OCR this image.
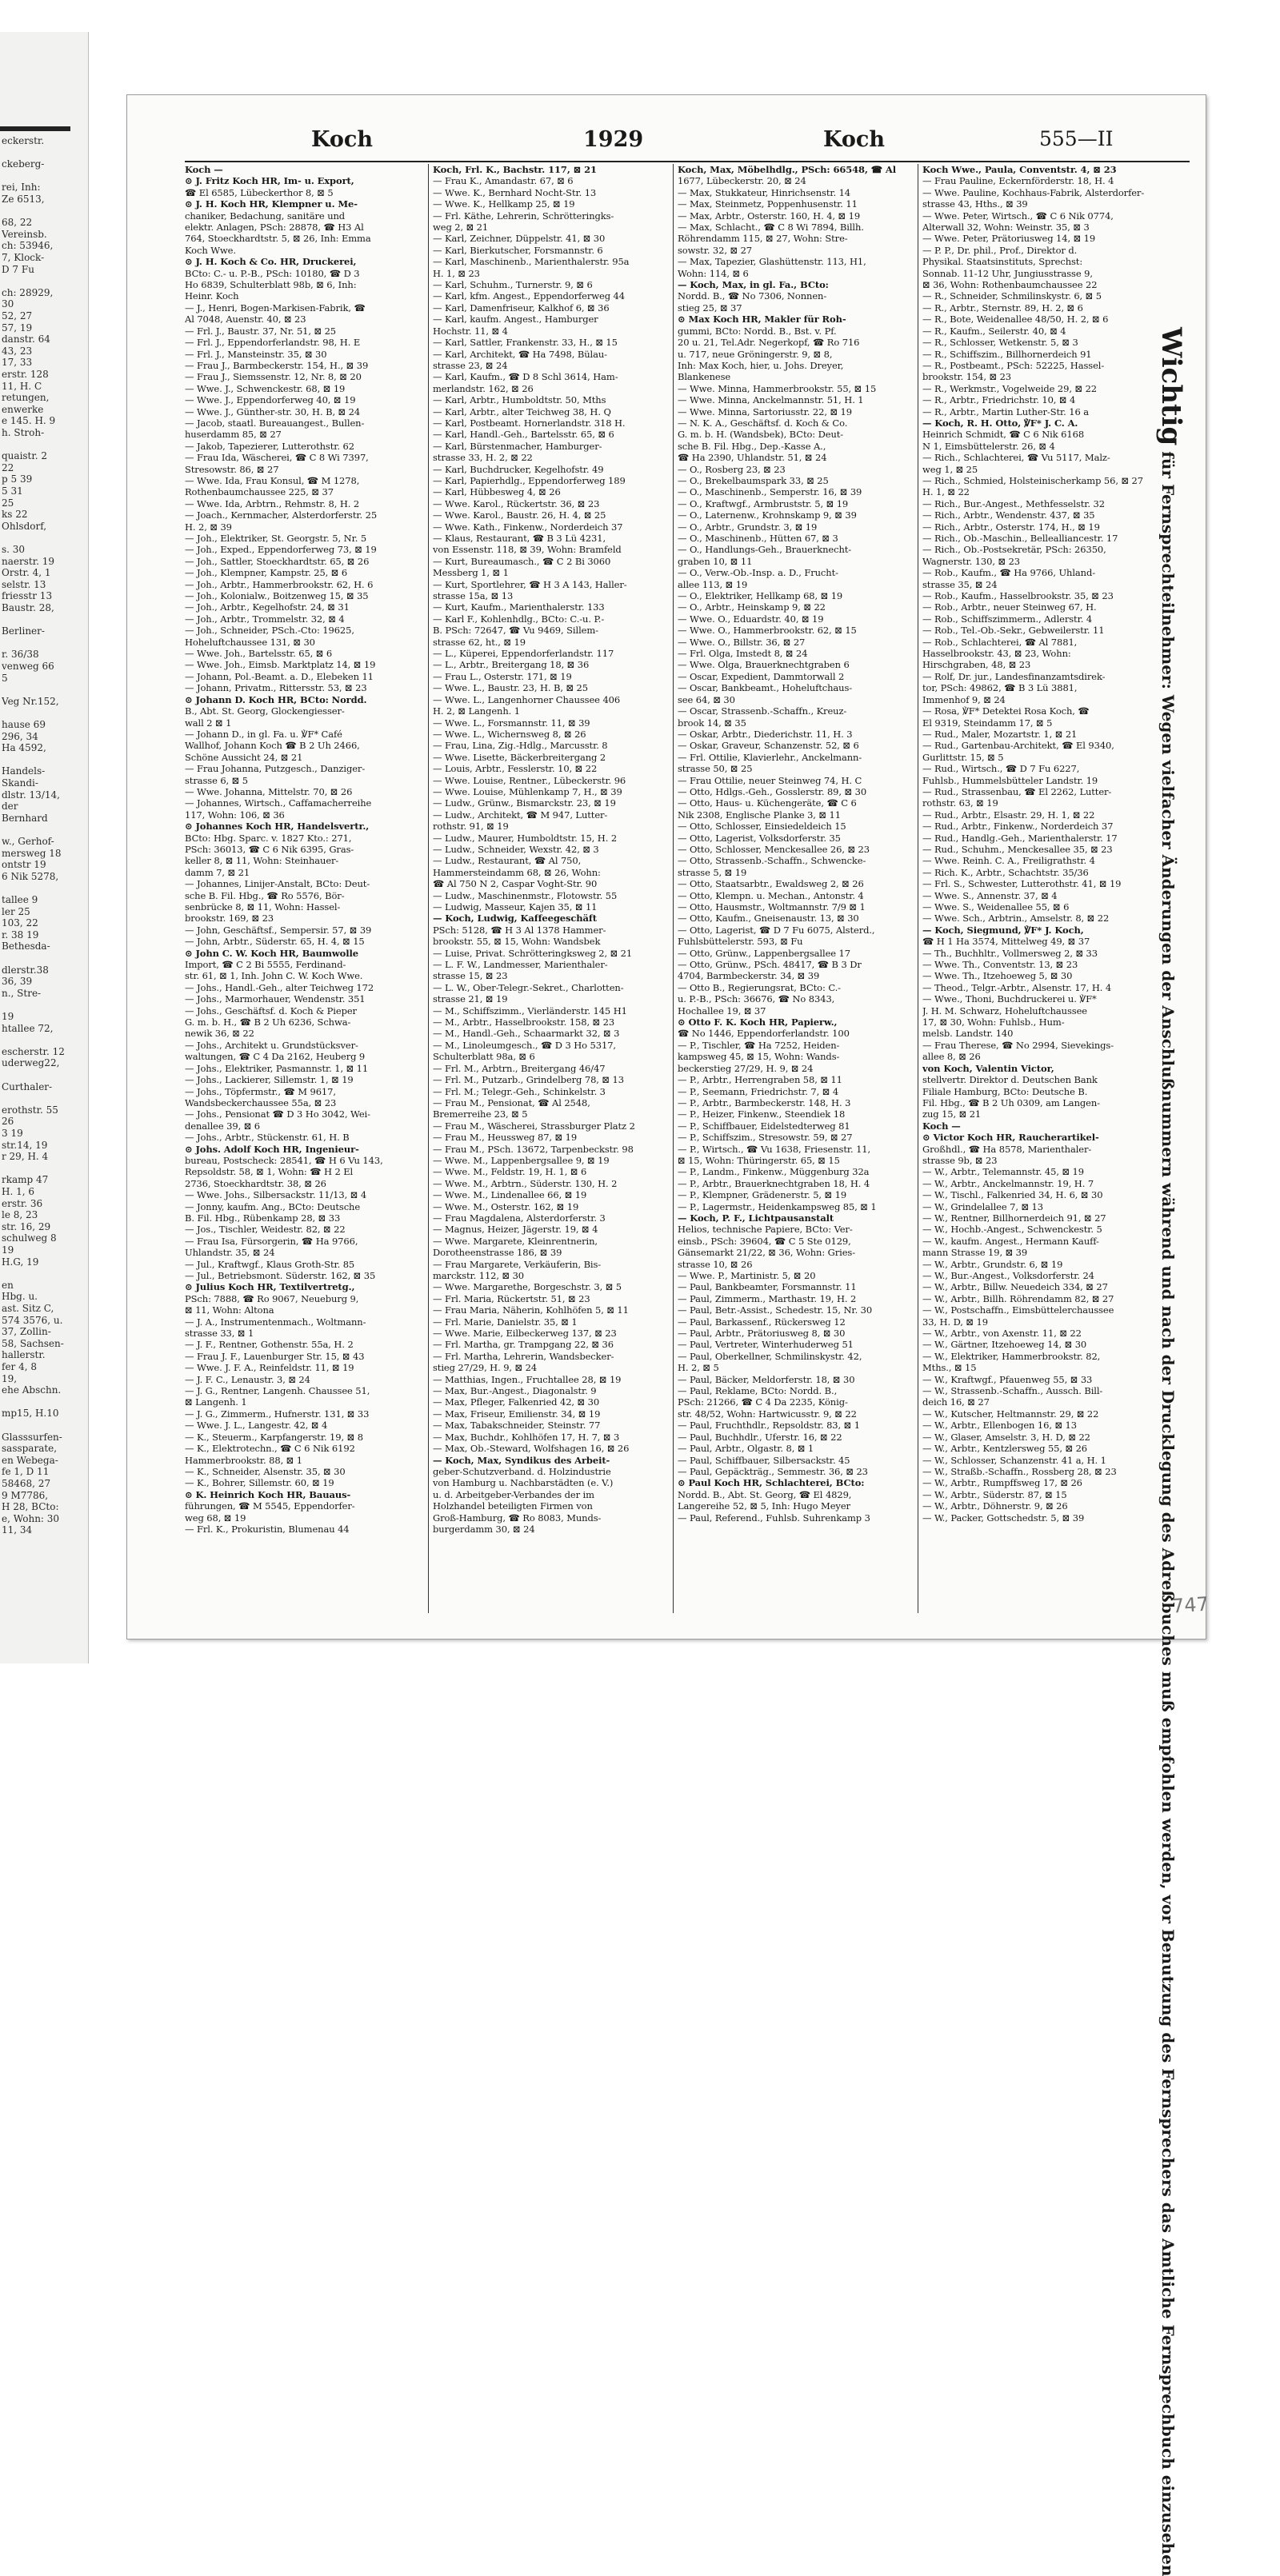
eckerstr.
ckeberg-
rei, Inh:
Ze 6513,
68, 22
Vereinsb.
ch: 53946,
7, Klock-
D 7 Fu
ch: 28929,
30
52, 27
57, 19
danstr. 64
43, 23
17, 33
erstr. 128
11, H. C
retungen,
enwerke
e 145. H. 9
h. Stroh-
quaistr. 2
22
p 5 39
5 31
25
ks 22
Ohlsdorf,
s. 30
naerstr. 19
Orstr. 4, 1
selstr. 13
friesstr 13
Baustr. 28,
Berliner-
r. 36/38
venweg 66
5
Veg Nr.152,
hause 69
296, 34
Ha 4592,
Handels-
Skandi-
dlstr. 13/14,
der
Bernhard
w., Gerhof-
mersweg 18
ontstr 19
6 Nik 5278,
tallee 9
ler 25
103, 22
r. 38 19
Bethesda-
dlerstr.38
36, 39
n., Stre-
19
htallee 72,
escherstr. 12
uderweg22,
Curthaler-
erothstr. 55
26
3 19
str.14, 19
r 29, H. 4
rkamp 47
H. 1, 6
erstr. 36
le 8, 23
str. 16, 29
schulweg 8
19
H.G, 19
en
Hbg. u.
ast. Sitz C,
574 3576, u.
37, Zollin-
58, Sachsen-
hallerstr.
fer 4, 8
19,
ehe Abschn.
mp15, H.10
Glasssurfen-
sassparate,
en Webega-
fe 1, D 11
58468, 27
9 M7786,
H 28, BCto:
e, Wohn: 30
11, 34
Koch	1929	Koch	555—II

Koch —

⊙ J. Fritz Koch HR, Im- u. Export,

☎ El 6585, Lübeckerthor 8, ⊠ 5

⊙ J. H. Koch HR, Klempner u. Me-

chaniker, Bedachung, sanitäre und

elektr. Anlagen, PSch: 28878, ☎ H3 Al

764, Stoeckhardtstr. 5, ⊠ 26, Inh: Emma

Koch Wwe.

⊙ J. H. Koch & Co. HR, Druckerei,

BCto: C.- u. P.-B., PSch: 10180, ☎ D 3

Ho 6839, Schulterblatt 98b, ⊠ 6, Inh:

Heinr. Koch

— J., Henri, Bogen-Markisen-Fabrik, ☎

Al 7048, Auenstr. 40, ⊠ 23

— Frl. J., Baustr. 37, Nr. 51, ⊠ 25

— Frl. J., Eppendorferlandstr. 98, H. E

— Frl. J., Mansteinstr. 35, ⊠ 30

— Frau J., Barmbeckerstr. 154, H., ⊠ 39

— Frau J., Siemssenstr. 12, Nr. 8, ⊠ 20

— Wwe. J., Schwenckestr. 68, ⊠ 19

— Wwe. J., Eppendorferweg 40, ⊠ 19

— Wwe. J., Günther-str. 30, H. B, ⊠ 24

— Jacob, staatl. Bureauangest., Bullen-

huserdamm 85, ⊠ 27

— Jakob, Tapezierer, Lutterothstr. 62

— Frau Ida, Wäscherei, ☎ C 8 Wi 7397,

Stresowstr. 86, ⊠ 27

— Wwe. Ida, Frau Konsul, ☎ M 1278,

Rothenbaumchaussee 225, ⊠ 37

— Wwe. Ida, Arbtrn., Rehmstr. 8, H. 2

— Joach., Kernmacher, Alsterdorferstr. 25

H. 2, ⊠ 39

— Joh., Elektriker, St. Georgstr. 5, Nr. 5

— Joh., Exped., Eppendorferweg 73, ⊠ 19

— Joh., Sattler, Stoeckhardtstr. 65, ⊠ 26

— Joh., Klempner, Kampstr. 25, ⊠ 6

— Joh., Arbtr., Hammerbrookstr. 62, H. 6

— Joh., Kolonialw., Boitzenweg 15, ⊠ 35

— Joh., Arbtr., Kegelhofstr. 24, ⊠ 31

— Joh., Arbtr., Trommelstr. 32, ⊠ 4

— Joh., Schneider, PSch.-Cto: 19625,

Hoheluftchaussee 131, ⊠ 30

— Wwe. Joh., Bartelsstr. 65, ⊠ 6

— Wwe. Joh., Eimsb. Marktplatz 14, ⊠ 19

— Johann, Pol.-Beamt. a. D., Elebeken 11

— Johann, Privatm., Rittersstr. 53, ⊠ 23

⊙ Johann D. Koch HR, BCto: Nordd.

B., Abt. St. Georg, Glockengiesser-

wall 2 ⊠ 1

— Johann D., in gl. Fa. u. ℣F* Café

Wallhof, Johann Koch ☎ B 2 Uh 2466,

Schöne Aussicht 24, ⊠ 21

— Frau Johanna, Putzgesch., Danziger-

strasse 6, ⊠ 5

— Wwe. Johanna, Mittelstr. 70, ⊠ 26

— Johannes, Wirtsch., Caffamacherreihe

117, Wohn: 106, ⊠ 36

⊙ Johannes Koch HR, Handelsvertr.,

BCto: Hbg. Sparc. v. 1827 Kto.: 271,

PSch: 36013, ☎ C 6 Nik 6395, Gras-

keller 8, ⊠ 11, Wohn: Steinhauer-

damm 7, ⊠ 21

— Johannes, Linijer-Anstalt, BCto: Deut-

sche B. Fil. Hbg., ☎ Ro 5576, Bör-

senbrücke 8, ⊠ 11, Wohn: Hassel-

brookstr. 169, ⊠ 23

— John, Geschäftsf., Sempersir. 57, ⊠ 39

— John, Arbtr., Süderstr. 65, H. 4, ⊠ 15

⊙ John C. W. Koch HR, Baumwolle

Import, ☎ C 2 Bi 5555, Ferdinand-

str. 61, ⊠ 1, Inh. John C. W. Koch Wwe.

— Johs., Handl.-Geh., alter Teichweg 172

— Johs., Marmorhauer, Wendenstr. 351

— Johs., Geschäftsf. d. Koch & Pieper

G. m. b. H., ☎ B 2 Uh 6236, Schwa-

newik 36, ⊠ 22

— Johs., Architekt u. Grundstücksver-

waltungen, ☎ C 4 Da 2162, Heuberg 9

— Johs., Elektriker, Pasmannstr. 1, ⊠ 11

— Johs., Lackierer, Sillemstr. 1, ⊠ 19

— Johs., Töpfermstr., ☎ M 9617,

Wandsbeckerchaussee 55a, ⊠ 23

— Johs., Pensionat ☎ D 3 Ho 3042, Wei-

denallee 39, ⊠ 6

— Johs., Arbtr., Stückenstr. 61, H. B

⊙ Johs. Adolf Koch HR, Ingenieur-

bureau, Postscheck: 28541, ☎ H 6 Vu 143,

Repsoldstr. 58, ⊠ 1, Wohn: ☎ H 2 El

2736, Stoeckhardtstr. 38, ⊠ 26

— Wwe. Johs., Silbersackstr. 11/13, ⊠ 4

— Jonny, kaufm. Ang., BCto: Deutsche

B. Fil. Hbg., Rübenkamp 28, ⊠ 33

— Jos., Tischler, Weidestr. 82, ⊠ 22

— Frau Isa, Fürsorgerin, ☎ Ha 9766,

Uhlandstr. 35, ⊠ 24

— Jul., Kraftwgf., Klaus Groth-Str. 85

— Jul., Betriebsmont. Süderstr. 162, ⊠ 35

⊙ Julius Koch HR, Textilvertretg.,

PSch: 7888, ☎ Ro 9067, Neueburg 9,

⊠ 11, Wohn: Altona

— J. A., Instrumentenmach., Woltmann-

strasse 33, ⊠ 1

— J. F., Rentner, Gothenstr. 55a, H. 2

— Frau J. F., Lauenburger Str. 15, ⊠ 43

— Wwe. J. F. A., Reinfeldstr. 11, ⊠ 19

— J. F. C., Lenaustr. 3, ⊠ 24

— J. G., Rentner, Langenh. Chaussee 51,

⊠ Langenh. 1

— J. G., Zimmerm., Hufnerstr. 131, ⊠ 33

— Wwe. J. L., Langestr. 42, ⊠ 4

— K., Steuerm., Karpfangerstr. 19, ⊠ 8

— K., Elektrotechn., ☎ C 6 Nik 6192

Hammerbrookstr. 88, ⊠ 1

— K., Schneider, Alsenstr. 35, ⊠ 30

— K., Bohrer, Sillemstr. 60, ⊠ 19

⊙ K. Heinrich Koch HR, Bauaus-

führungen, ☎ M 5545, Eppendorfer-

weg 68, ⊠ 19

— Frl. K., Prokuristin, Blumenau 44

Koch, Frl. K., Bachstr. 117, ⊠ 21

— Frau K., Amandastr. 67, ⊠ 6

— Wwe. K., Bernhard Nocht-Str. 13

— Wwe. K., Hellkamp 25, ⊠ 19

— Frl. Käthe, Lehrerin, Schrötteringks-

weg 2, ⊠ 21

— Karl, Zeichner, Düppelstr. 41, ⊠ 30

— Karl, Bierkutscher, Forsmannstr. 6

— Karl, Maschinenb., Marienthalerstr. 95a

H. 1, ⊠ 23

— Karl, Schuhm., Turnerstr. 9, ⊠ 6

— Karl, kfm. Angest., Eppendorferweg 44

— Karl, Damenfriseur, Kalkhof 6, ⊠ 36

— Karl, kaufm. Angest., Hamburger

Hochstr. 11, ⊠ 4

— Karl, Sattler, Frankenstr. 33, H., ⊠ 15

— Karl, Architekt, ☎ Ha 7498, Bülau-

strasse 23, ⊠ 24

— Karl, Kaufm., ☎ D 8 Schl 3614, Ham-

merlandstr. 162, ⊠ 26

— Karl, Arbtr., Humboldtstr. 50, Mths

— Karl, Arbtr., alter Teichweg 38, H. Q

— Karl, Postbeamt. Hornerlandstr. 318 H.

— Karl, Handl.-Geh., Bartelsstr. 65, ⊠ 6

— Karl, Bürstenmacher, Hamburger-

strasse 33, H. 2, ⊠ 22

— Karl, Buchdrucker, Kegelhofstr. 49

— Karl, Papierhdlg., Eppendorferweg 189

— Karl, Hübbesweg 4, ⊠ 26

— Wwe. Karol., Rückertstr. 36, ⊠ 23

— Wwe. Karol., Baustr. 26, H. 4, ⊠ 25

— Wwe. Kath., Finkenw., Norderdeich 37

— Klaus, Restaurant, ☎ B 3 Lü 4231,

von Essenstr. 118, ⊠ 39, Wohn: Bramfeld

— Kurt, Bureaumasch., ☎ C 2 Bi 3060

Messberg 1, ⊠ 1

— Kurt, Sportlehrer, ☎ H 3 A 143, Haller-

strasse 15a, ⊠ 13

— Kurt, Kaufm., Marienthalerstr. 133

— Karl F., Kohlenhdlg., BCto: C.-u. P.-

B. PSch: 72647, ☎ Vu 9469, Sillem-

strasse 62, ht., ⊠ 19

— L., Küperei, Eppendorferlandstr. 117

— L., Arbtr., Breitergang 18, ⊠ 36

— Frau L., Osterstr. 171, ⊠ 19

— Wwe. L., Baustr. 23, H. B, ⊠ 25

— Wwe. L., Langenhorner Chaussee 406

H. 2, ⊠ Langenh. 1

— Wwe. L., Forsmannstr. 11, ⊠ 39

— Wwe. L., Wichernsweg 8, ⊠ 26

— Frau, Lina, Zig.-Hdlg., Marcusstr. 8

— Wwe. Lisette, Bäckerbreitergang 2

— Louis, Arbtr., Fesslerstr. 10, ⊠ 22

— Wwe. Louise, Rentner., Lübeckerstr. 96

— Wwe. Louise, Mühlenkamp 7, H., ⊠ 39

— Ludw., Grünw., Bismarckstr. 23, ⊠ 19

— Ludw., Architekt, ☎ M 947, Lutter-

rothstr. 91, ⊠ 19

— Ludw., Maurer, Humboldtstr. 15, H. 2

— Ludw., Schneider, Wexstr. 42, ⊠ 3

— Ludw., Restaurant, ☎ Al 750,

Hammersteindamm 68, ⊠ 26, Wohn:

☎ Al 750 N 2, Caspar Voght-Str. 90

— Ludw., Maschinenmstr., Flotowstr. 55

— Ludwig, Masseur, Kajen 35, ⊠ 11

— Koch, Ludwig, Kaffeegeschäft

PSch: 5128, ☎ H 3 Al 1378 Hammer-

brookstr. 55, ⊠ 15, Wohn: Wandsbek

— Luise, Privat. Schrötteringksweg 2, ⊠ 21

— L. F. W., Landmesser, Marienthaler-

strasse 15, ⊠ 23

— L. W., Ober-Telegr.-Sekret., Charlotten-

strasse 21, ⊠ 19

— M., Schiffszimm., Vierländerstr. 145 H1

— M., Arbtr., Hasselbrookstr. 158, ⊠ 23

— M., Handl.-Geh., Schaarmarkt 32, ⊠ 3

— M., Linoleumgesch., ☎ D 3 Ho 5317,

Schulterblatt 98a, ⊠ 6

— Frl. M., Arbtrn., Breitergang 46/47

— Frl. M., Putzarb., Grindelberg 78, ⊠ 13

— Frl. M.; Telegr.-Geh., Schinkelstr. 3

— Frau M., Pensionat, ☎ Al 2548,

Bremerreihe 23, ⊠ 5

— Frau M., Wäscherei, Strassburger Platz 2

— Frau M., Heussweg 87, ⊠ 19

— Frau M., PSch. 13672, Tarpenbeckstr. 98

— Wwe. M., Lappenbergsallee 9, ⊠ 19

— Wwe. M., Feldstr. 19, H. 1, ⊠ 6

— Wwe. M., Arbtrn., Süderstr. 130, H. 2

— Wwe. M., Lindenallee 66, ⊠ 19

— Wwe. M., Osterstr. 162, ⊠ 19

— Frau Magdalena, Alsterdorferstr. 3

— Magnus, Heizer, Jägerstr. 19, ⊠ 4

— Wwe. Margarete, Kleinrentnerin,

Dorotheenstrasse 186, ⊠ 39

— Frau Margarete, Verkäuferin, Bis-

marckstr. 112, ⊠ 30

— Wwe. Margarethe, Borgeschstr. 3, ⊠ 5

— Frl. Maria, Rückertstr. 51, ⊠ 23

— Frau Maria, Näherin, Kohlhöfen 5, ⊠ 11

— Frl. Marie, Danielstr. 35, ⊠ 1

— Wwe. Marie, Eilbeckerweg 137, ⊠ 23

— Frl. Martha, gr. Trampgang 22, ⊠ 36

— Frl. Martha, Lehrerin, Wandsbecker-

stieg 27/29, H. 9, ⊠ 24

— Matthias, Ingen., Fruchtallee 28, ⊠ 19

— Max, Bur.-Angest., Diagonalstr. 9

— Max, Pfleger, Falkenried 42, ⊠ 30

— Max, Friseur, Emilienstr. 34, ⊠ 19

— Max, Tabakschneider, Steinstr. 77

— Max, Buchdr., Kohlhöfen 17, H. 7, ⊠ 3

— Max, Ob.-Steward, Wolfshagen 16, ⊠ 26

— Koch, Max, Syndikus des Arbeit-

geber-Schutzverband. d. Holzindustrie

von Hamburg u. Nachbarstädten (e. V.)

u. d. Arbeitgeber-Verbandes der im

Holzhandel beteiligten Firmen von

Groß-Hamburg, ☎ Ro 8083, Munds-

burgerdamm 30, ⊠ 24

Koch, Max, Möbelhdlg., PSch: 66548, ☎ Al

1677, Lübeckerstr. 20, ⊠ 24

— Max, Stukkateur, Hinrichsenstr. 14

— Max, Steinmetz, Poppenhusenstr. 11

— Max, Arbtr., Osterstr. 160, H. 4, ⊠ 19

— Max, Schlacht., ☎ C 8 Wi 7894, Billh.

Röhrendamm 115, ⊠ 27, Wohn: Stre-

sowstr. 32, ⊠ 27

— Max, Tapezier, Glashüttenstr. 113, H1,

Wohn: 114, ⊠ 6

— Koch, Max, in gl. Fa., BCto:

Nordd. B., ☎ No 7306, Nonnen-

stieg 25, ⊠ 37

⊙ Max Koch HR, Makler für Roh-

gummi, BCto: Nordd. B., Bst. v. Pf.

20 u. 21, Tel.Adr. Negerkopf, ☎ Ro 716

u. 717, neue Gröningerstr. 9, ⊠ 8,

Inh: Max Koch, hier, u. Johs. Dreyer,

Blankenese

— Wwe. Minna, Hammerbrookstr. 55, ⊠ 15

— Wwe. Minna, Anckelmannstr. 51, H. 1

— Wwe. Minna, Sartoriusstr. 22, ⊠ 19

— N. K. A., Geschäftsf. d. Koch & Co.

G. m. b. H. (Wandsbek), BCto: Deut-

sche B. Fil. Hbg., Dep.-Kasse A.,

☎ Ha 2390, Uhlandstr. 51, ⊠ 24

— O., Rosberg 23, ⊠ 23

— O., Brekelbaumspark 33, ⊠ 25

— O., Maschinenb., Semperstr. 16, ⊠ 39

— O., Kraftwgf., Armbruststr. 5, ⊠ 19

— O., Laternenw., Krohnskamp 9, ⊠ 39

— O., Arbtr., Grundstr. 3, ⊠ 19

— O., Maschinenb., Hütten 67, ⊠ 3

— O., Handlungs-Geh., Brauerknecht-

graben 10, ⊠ 11

— O., Verw.-Ob.-Insp. a. D., Frucht-

allee 113, ⊠ 19

— O., Elektriker, Hellkamp 68, ⊠ 19

— O., Arbtr., Heinskamp 9, ⊠ 22

— Wwe. O., Eduardstr. 40, ⊠ 19

— Wwe. O., Hammerbrookstr. 62, ⊠ 15

— Wwe. O., Billstr. 36, ⊠ 27

— Frl. Olga, Imstedt 8, ⊠ 24

— Wwe. Olga, Brauerknechtgraben 6

— Oscar, Expedient, Dammtorwall 2

— Oscar, Bankbeamt., Hoheluftchaus-

see 64, ⊠ 30

— Oscar, Strassenb.-Schaffn., Kreuz-

brook 14, ⊠ 35

— Oskar, Arbtr., Diederichstr. 11, H. 3

— Oskar, Graveur, Schanzenstr. 52, ⊠ 6

— Frl. Ottilie, Klavierlehr., Anckelmann-

strasse 50, ⊠ 25

— Frau Ottilie, neuer Steinweg 74, H. C

— Otto, Hdlgs.-Geh., Gosslerstr. 89, ⊠ 30

— Otto, Haus- u. Küchengeräte, ☎ C 6

Nik 2308, Englische Planke 3, ⊠ 11

— Otto, Schlosser, Einsiedeldeich 15

— Otto, Lagerist, Volksdorferstr. 35

— Otto, Schlosser, Menckesallee 26, ⊠ 23

— Otto, Strassenb.-Schaffn., Schwencke-

strasse 5, ⊠ 19

— Otto, Staatsarbtr., Ewaldsweg 2, ⊠ 26

— Otto, Klempn. u. Mechan., Antonstr. 4

— Otto, Hausmstr., Woltmannstr. 7/9 ⊠ 1

— Otto, Kaufm., Gneisenaustr. 13, ⊠ 30

— Otto, Lagerist, ☎ D 7 Fu 6075, Alsterd.,

Fuhlsbüttelerstr. 593, ⊠ Fu

— Otto, Grünw., Lappenbergsallee 17

— Otto, Grünw., PSch. 48417, ☎ B 3 Dr

4704, Barmbeckerstr. 34, ⊠ 39

— Otto B., Regierungsrat, BCto: C.-

u. P.-B., PSch: 36676, ☎ No 8343,

Hochallee 19, ⊠ 37

⊙ Otto F. K. Koch HR, Papierw.,

☎ No 1446, Eppendorferlandstr. 100

— P., Tischler, ☎ Ha 7252, Heiden-

kampsweg 45, ⊠ 15, Wohn: Wands-

beckerstieg 27/29, H. 9, ⊠ 24

— P., Arbtr., Herrengraben 58, ⊠ 11

— P., Seemann, Friedrichstr. 7, ⊠ 4

— P., Arbtr., Barmbeckerstr. 148, H. 3

— P., Heizer, Finkenw., Steendiek 18

— P., Schiffbauer, Eidelstedterweg 81

— P., Schiffszim., Stresowstr. 59, ⊠ 27

— P., Wirtsch., ☎ Vu 1638, Friesenstr. 11,

⊠ 15, Wohn: Thüringerstr. 65, ⊠ 15

— P., Landm., Finkenw., Müggenburg 32a

— P., Arbtr., Brauerknechtgraben 18, H. 4

— P., Klempner, Grädenerstr. 5, ⊠ 19

— P., Lagermstr., Heidenkampsweg 85, ⊠ 1

— Koch, P. F., Lichtpausanstalt

Helios, technische Papiere, BCto: Ver-

einsb., PSch: 39604, ☎ C 5 Ste 0129,

Gänsemarkt 21/22, ⊠ 36, Wohn: Gries-

strasse 10, ⊠ 26

— Wwe. P., Martinistr. 5, ⊠ 20

— Paul, Bankbeamter, Forsmannstr. 11

— Paul, Zimmerm., Marthastr. 19, H. 2

— Paul, Betr.-Assist., Schedestr. 15, Nr. 30

— Paul, Barkassenf., Rückersweg 12

— Paul, Arbtr., Prätoriusweg 8, ⊠ 30

— Paul, Vertreter, Winterhuderweg 51

— Paul, Oberkellner, Schmilinskystr. 42,

H. 2, ⊠ 5

— Paul, Bäcker, Meldorferstr. 18, ⊠ 30

— Paul, Reklame, BCto: Nordd. B.,

PSch: 21266, ☎ C 4 Da 2235, König-

str. 48/52, Wohn: Hartwicusstr. 9, ⊠ 22

— Paul, Fruchthdlr., Repsoldstr. 83, ⊠ 1

— Paul, Buchhdlr., Uferstr. 16, ⊠ 22

— Paul, Arbtr., Olgastr. 8, ⊠ 1

— Paul, Schiffbauer, Silbersackstr. 45

— Paul, Gepäckträg., Semmestr. 36, ⊠ 23

⊙ Paul Koch HR, Schlachterei, BCto:

Nordd. B., Abt. St. Georg, ☎ El 4829,

Langereihe 52, ⊠ 5, Inh: Hugo Meyer

— Paul, Referend., Fuhlsb. Suhrenkamp 3

Koch Wwe., Paula, Conventstr. 4, ⊠ 23

— Frau Pauline, Eckernförderstr. 18, H. 4

— Wwe. Pauline, Kochhaus-Fabrik, Alsterdorfer-

strasse 43, Hths., ⊠ 39

— Wwe. Peter, Wirtsch., ☎ C 6 Nik 0774,

Alterwall 32, Wohn: Weinstr. 35, ⊠ 3

— Wwe. Peter, Prätoriusweg 14, ⊠ 19

— P. P., Dr. phil., Prof., Direktor d.

Physikal. Staatsinstituts, Sprechst:

Sonnab. 11-12 Uhr, Jungiusstrasse 9,

⊠ 36, Wohn: Rothenbaumchaussee 22

— R., Schneider, Schmilinskystr. 6, ⊠ 5

— R., Arbtr., Sternstr. 89, H. 2, ⊠ 6

— R., Bote, Weidenallee 48/50, H. 2, ⊠ 6

— R., Kaufm., Seilerstr. 40, ⊠ 4

— R., Schlosser, Wetkenstr. 5, ⊠ 3

— R., Schiffszim., Billhornerdeich 91

— R., Postbeamt., PSch: 52225, Hassel-

brookstr. 154, ⊠ 23

— R., Werkmstr., Vogelweide 29, ⊠ 22

— R., Arbtr., Friedrichstr. 10, ⊠ 4

— R., Arbtr., Martin Luther-Str. 16 a

— Koch, R. H. Otto, ℣F* J. C. A.

Heinrich Schmidt, ☎ C 6 Nik 6168

N 1, Eimsbüttelerstr. 26, ⊠ 4

— Rich., Schlachterei, ☎ Vu 5117, Malz-

weg 1, ⊠ 25

— Rich., Schmied, Holsteinischerkamp 56, ⊠ 27

H. 1, ⊠ 22

— Rich., Bur.-Angest., Methfesselstr. 32

— Rich., Arbtr., Wendenstr. 437, ⊠ 35

— Rich., Arbtr., Osterstr. 174, H., ⊠ 19

— Rich., Ob.-Maschin., Bellealliancestr. 17

— Rich., Ob.-Postsekretär, PSch: 26350,

Wagnerstr. 130, ⊠ 23

— Rob., Kaufm., ☎ Ha 9766, Uhland-

strasse 35, ⊠ 24

— Rob., Kaufm., Hasselbrookstr. 35, ⊠ 23

— Rob., Arbtr., neuer Steinweg 67, H.

— Rob., Schiffszimmerm., Adlerstr. 4

— Rob., Tel.-Ob.-Sekr., Gebweilerstr. 11

— Rob., Schlachterei, ☎ Al 7881,

Hasselbrookstr. 43, ⊠ 23, Wohn:

Hirschgraben, 48, ⊠ 23

— Rolf, Dr. jur., Landesfinanzamtsdirek-

tor, PSch: 49862, ☎ B 3 Lü 3881,

Immenhof 9, ⊠ 24

— Rosa, ℣F* Detektei Rosa Koch, ☎

El 9319, Steindamm 17, ⊠ 5

— Rud., Maler, Mozartstr. 1, ⊠ 21

— Rud., Gartenbau-Architekt, ☎ El 9340,

Gurlittstr. 15, ⊠ 5

— Rud., Wirtsch., ☎ D 7 Fu 6227,

Fuhlsb., Hummelsbütteler Landstr. 19

— Rud., Strassenbau, ☎ El 2262, Lutter-

rothstr. 63, ⊠ 19

— Rud., Arbtr., Elsastr. 29, H. 1, ⊠ 22

— Rud., Arbtr., Finkenw., Norderdeich 37

— Rud., Handlg.-Geh., Marienthalerstr. 17

— Rud., Schuhm., Menckesallee 35, ⊠ 23

— Wwe. Reinh. C. A., Freiligrathstr. 4

— Rich. K., Arbtr., Schachtstr. 35/36

— Frl. S., Schwester, Lutterothstr. 41, ⊠ 19

— Wwe. S., Annenstr. 37, ⊠ 4

— Wwe. S., Weidenallee 55, ⊠ 6

— Wwe. Sch., Arbtrin., Amselstr. 8, ⊠ 22

— Koch, Siegmund, ℣F* J. Koch,

☎ H 1 Ha 3574, Mittelweg 49, ⊠ 37

— Th., Buchhltr., Vollmersweg 2, ⊠ 33

— Wwe. Th., Conventstr. 13, ⊠ 23

— Wwe. Th., Itzehoeweg 5, ⊠ 30

— Theod., Telgr.-Arbtr., Alsenstr. 17, H. 4

— Wwe., Thoni, Buchdruckerei u. ℣F*

J. H. M. Schwarz, Hoheluftchaussee

17, ⊠ 30, Wohn: Fuhlsb., Hum-

melsb. Landstr. 140

— Frau Therese, ☎ No 2994, Sievekings-

allee 8, ⊠ 26

von Koch, Valentin Victor,

stellvertr. Direktor d. Deutschen Bank

Filiale Hamburg, BCto: Deutsche B.

Fil. Hbg., ☎ B 2 Uh 0309, am Langen-

zug 15, ⊠ 21

Koch —

⊙ Victor Koch HR, Raucherartikel-

Großhdl., ☎ Ha 8578, Marienthaler-

strasse 9b, ⊠ 23

— W., Arbtr., Telemannstr. 45, ⊠ 19

— W., Arbtr., Anckelmannstr. 19, H. 7

— W., Tischl., Falkenried 34, H. 6, ⊠ 30

— W., Grindelallee 7, ⊠ 13

— W., Rentner, Billhornerdeich 91, ⊠ 27

— W., Hochb.-Angest., Schwenckestr. 5

— W., kaufm. Angest., Hermann Kauff-

mann Strasse 19, ⊠ 39

— W., Arbtr., Grundstr. 6, ⊠ 19

— W., Bur.-Angest., Volksdorferstr. 24

— W., Arbtr., Billw. Neuedeich 334, ⊠ 27

— W., Arbtr., Billh. Röhrendamm 82, ⊠ 27

— W., Postschaffn., Eimsbüttelerchaussee

33, H. D, ⊠ 19

— W., Arbtr., von Axenstr. 11, ⊠ 22

— W., Gärtner, Itzehoeweg 14, ⊠ 30

— W., Elektriker, Hammerbrookstr. 82,

Mths., ⊠ 15

— W., Kraftwgf., Pfauenweg 55, ⊠ 33

— W., Strassenb.-Schaffn., Aussch. Bill-

deich 16, ⊠ 27

— W., Kutscher, Heltmannstr. 29, ⊠ 22

— W., Arbtr., Ellenbogen 16, ⊠ 13

— W., Glaser, Amselstr. 3, H. D, ⊠ 22

— W., Arbtr., Kentzlersweg 55, ⊠ 26

— W., Schlosser, Schanzenstr. 41 a, H. 1

— W., Straßb.-Schaffn., Rossberg 28, ⊠ 23

— W., Arbtr., Rumpffsweg 17, ⊠ 26

— W., Arbtr., Süderstr. 87, ⊠ 15

— W., Arbtr., Döhnerstr. 9, ⊠ 26

— W., Packer, Gottschedstr. 5, ⊠ 39

Wichtig für Fernsprechteilnehmer: Wegen vielfacher Änderungen der Anschlußnummern während und nach der Drucklegung des Adreßbuches muß empfohlen werden, vor Benutzung des Fernsprechers das Amtliche Fernsprechbuch einzusehen
747
